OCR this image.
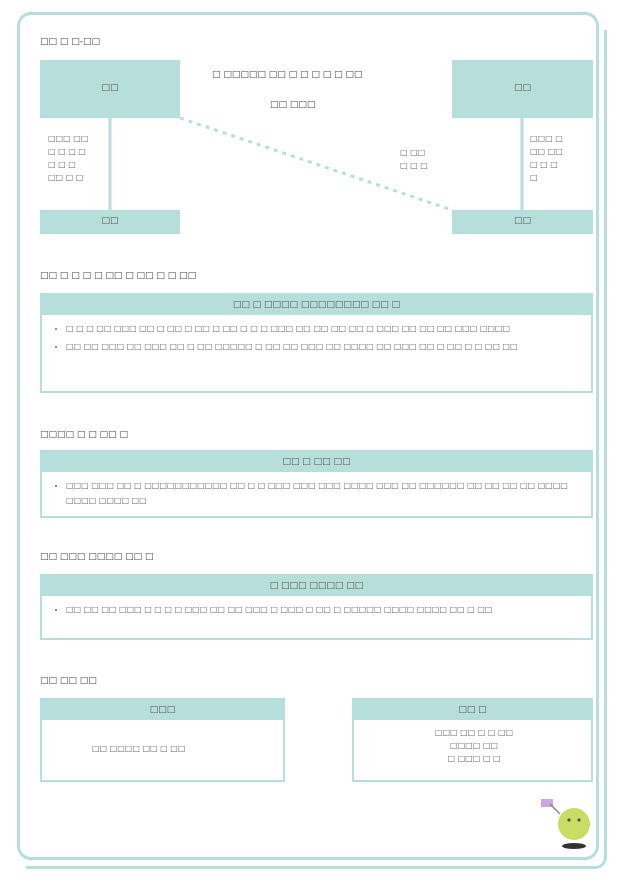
□□ □ □-□□
□□	□□
□ □□□□□ □□ □ □ □ □ □ □□
□□ □□□
□□□ □□
□ □ □ □
□ □ □
□□ □ □
□ □□
□ □ □
□□□ □
□□ □□
□ □ □
□
□□	□□
□□ □ □ □ □ □□ □ □□ □ □ □□
□□ □ □□□□ □□□□□□□□ □□ □
• □ □ □ □□ □□□ □□ □ □□ □ □□ □ □□ □ □ □ □□□ □□ □□ □□ □□ □ □□□ □□ □□ □□ □□□ □□□□
• □□ □□ □□□ □□ □□□ □□ □ □□ □□□□□ □ □□ □□ □□□ □□ □□□□ □□ □□□ □□ □ □□ □ □ □□ □□
□□□□ □ □ □□ □
□□ □ □□ □□
• □□□ □□□ □□ □ □□□□□□□□□□□ □□ □ □ □□□ □□□ □□□ □□□□ □□□ □□ □□□□□□ □□ □□ □□ □□ □□□□ □□□□ □□□□ □□
□□ □□□ □□□□ □□ □
□ □□□ □□□□ □□
• □□ □□ □□ □□□ □ □ □ □ □□□ □□ □□ □□□ □ □□□ □ □□ □ □□□□□ □□□□ □□□□ □□ □ □□
□□ □□ □□
□□□
□□ □□□□ □□ □ □□
□□ □
□□□ □□ □ □ □□
□□□□ □□
□ □□□ □ □
